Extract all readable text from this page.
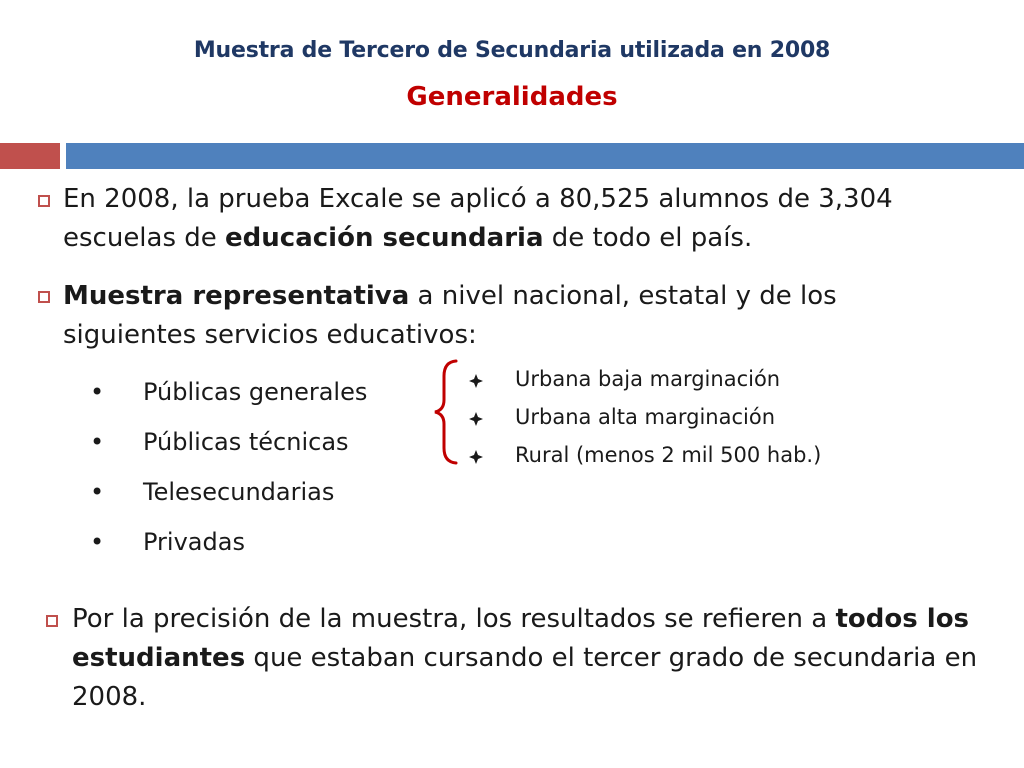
Muestra de Tercero de Secundaria utilizada en 2008
Generalidades
En 2008, la prueba Excale se aplicó a 80,525 alumnos de 3,304 escuelas de educación secundaria de todo el país.
Muestra representativa a nivel nacional, estatal y de los siguientes servicios educativos:
• Públicas generales
• Públicas técnicas
• Telesecundarias
• Privadas
Urbana baja marginación
Urbana alta marginación
Rural (menos 2 mil 500 hab.)
Por la precisión de la muestra, los resultados se refieren a todos los estudiantes que estaban cursando el tercer grado de secundaria en 2008.
